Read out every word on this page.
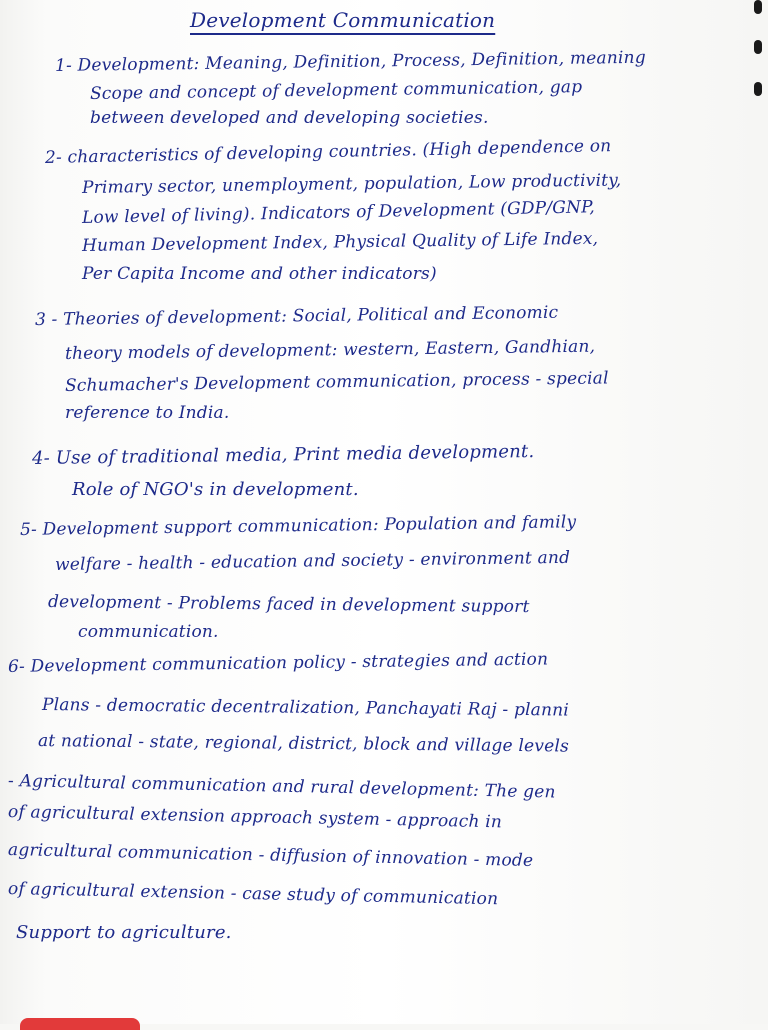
Development Communication
1- Development: Meaning, Definition, Process, Definition, meaning
Scope and concept of development communication, gap
between developed and developing societies.
2- characteristics of developing countries. (High dependence on
Primary sector, unemployment, population, Low productivity,
Low level of living). Indicators of Development (GDP/GNP,
Human Development Index, Physical Quality of Life Index,
Per Capita Income and other indicators)
3 - Theories of development: Social, Political and Economic
theory models of development: western, Eastern, Gandhian,
Schumacher's Development communication, process - special
reference to India.
4- Use of traditional media, Print media development.
Role of NGO's in development.
5- Development support communication: Population and family
welfare - health - education and society - environment and
development - Problems faced in development support
communication.
6- Development communication policy - strategies and action
Plans - democratic decentralization, Panchayati Raj - planni
at national - state, regional, district, block and village levels
- Agricultural communication and rural development: The gen
of agricultural extension approach system - approach in
agricultural communication - diffusion of innovation - mode
of agricultural extension - case study of communication
Support to agriculture.
